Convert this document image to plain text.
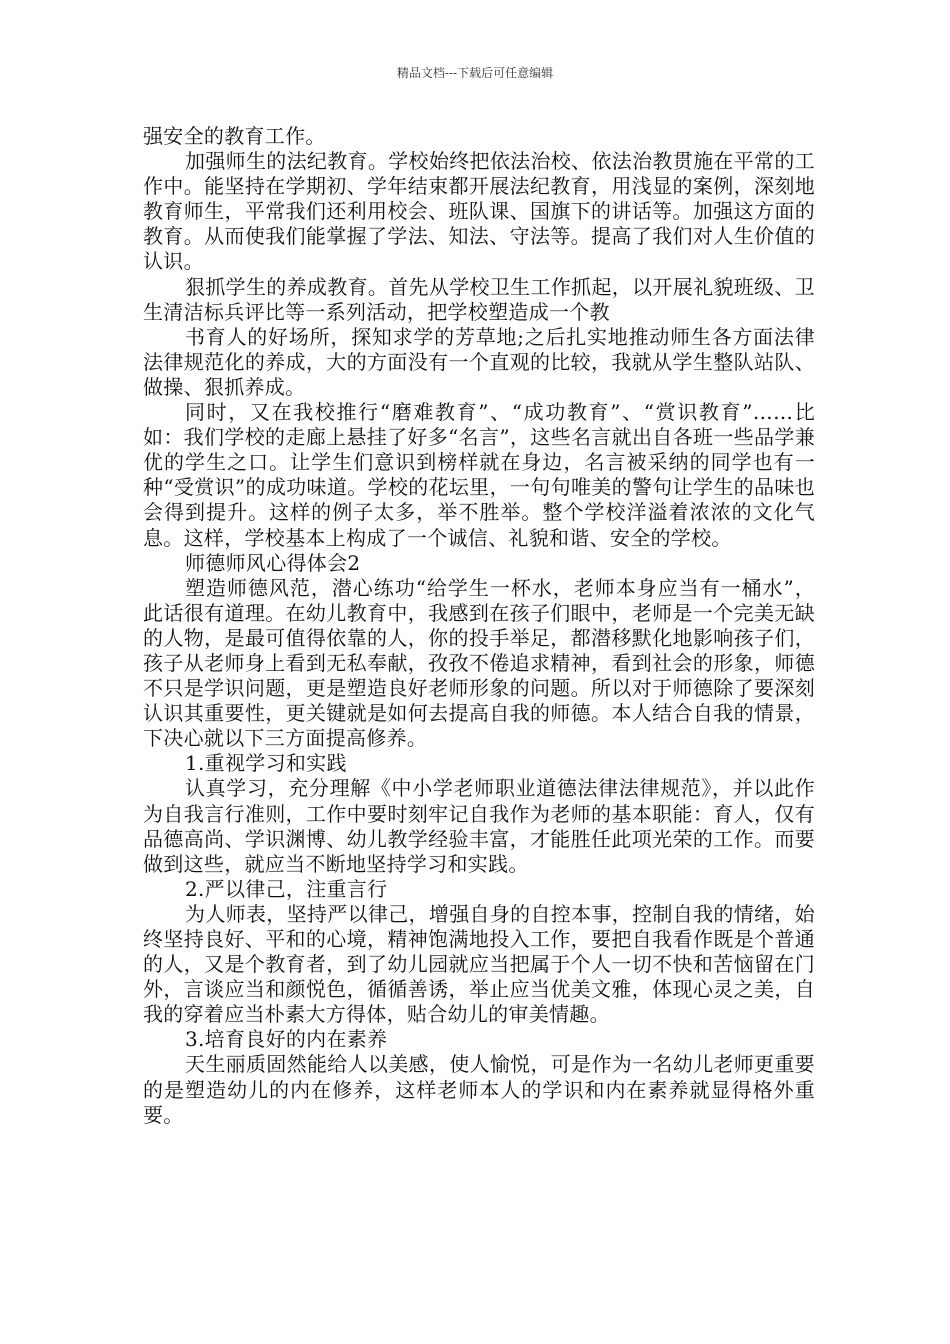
精品文档---下载后可任意编辑

强安全的教育工作。

加强师生的法纪教育。学校始终把依法治校、依法治教贯施在平常的工作中。能坚持在学期初、学年结束都开展法纪教育，用浅显的案例，深刻地教育师生，平常我们还利用校会、班队课、国旗下的讲话等。加强这方面的教育。从而使我们能掌握了学法、知法、守法等。提高了我们对人生价值的认识。

狠抓学生的养成教育。首先从学校卫生工作抓起，以开展礼貌班级、卫生清洁标兵评比等一系列活动，把学校塑造成一个教

书育人的好场所，探知求学的芳草地;之后扎实地推动师生各方面法律法律规范化的养成，大的方面没有一个直观的比较，我就从学生整队站队、做操、狠抓养成。

同时，又在我校推行“磨难教育”、“成功教育”、“赏识教育”……比如：我们学校的走廊上悬挂了好多“名言”，这些名言就出自各班一些品学兼优的学生之口。让学生们意识到榜样就在身边，名言被采纳的同学也有一种“受赏识”的成功味道。学校的花坛里，一句句唯美的警句让学生的品味也会得到提升。这样的例子太多，举不胜举。整个学校洋溢着浓浓的文化气息。这样，学校基本上构成了一个诚信、礼貌和谐、安全的学校。

师德师风心得体会2

塑造师德风范，潜心练功“给学生一杯水，老师本身应当有一桶水”，此话很有道理。在幼儿教育中，我感到在孩子们眼中，老师是一个完美无缺的人物，是最可值得依靠的人，你的投手举足，都潜移默化地影响孩子们，孩子从老师身上看到无私奉献，孜孜不倦追求精神，看到社会的形象，师德不只是学识问题，更是塑造良好老师形象的问题。所以对于师德除了要深刻认识其重要性，更关键就是如何去提高自我的师德。本人结合自我的情景，下决心就以下三方面提高修养。

1.重视学习和实践

认真学习，充分理解《中小学老师职业道德法律法律规范》，并以此作为自我言行准则，工作中要时刻牢记自我作为老师的基本职能：育人，仅有品德高尚、学识渊博、幼儿教学经验丰富，才能胜任此项光荣的工作。而要做到这些，就应当不断地坚持学习和实践。

2.严以律己，注重言行

为人师表，坚持严以律己，增强自身的自控本事，控制自我的情绪，始终坚持良好、平和的心境，精神饱满地投入工作，要把自我看作既是个普通的人，又是个教育者，到了幼儿园就应当把属于个人一切不快和苦恼留在门外，言谈应当和颜悦色，循循善诱，举止应当优美文雅，体现心灵之美，自我的穿着应当朴素大方得体，贴合幼儿的审美情趣。

3.培育良好的内在素养

天生丽质固然能给人以美感，使人愉悦，可是作为一名幼儿老师更重要的是塑造幼儿的内在修养，这样老师本人的学识和内在素养就显得格外重要。
